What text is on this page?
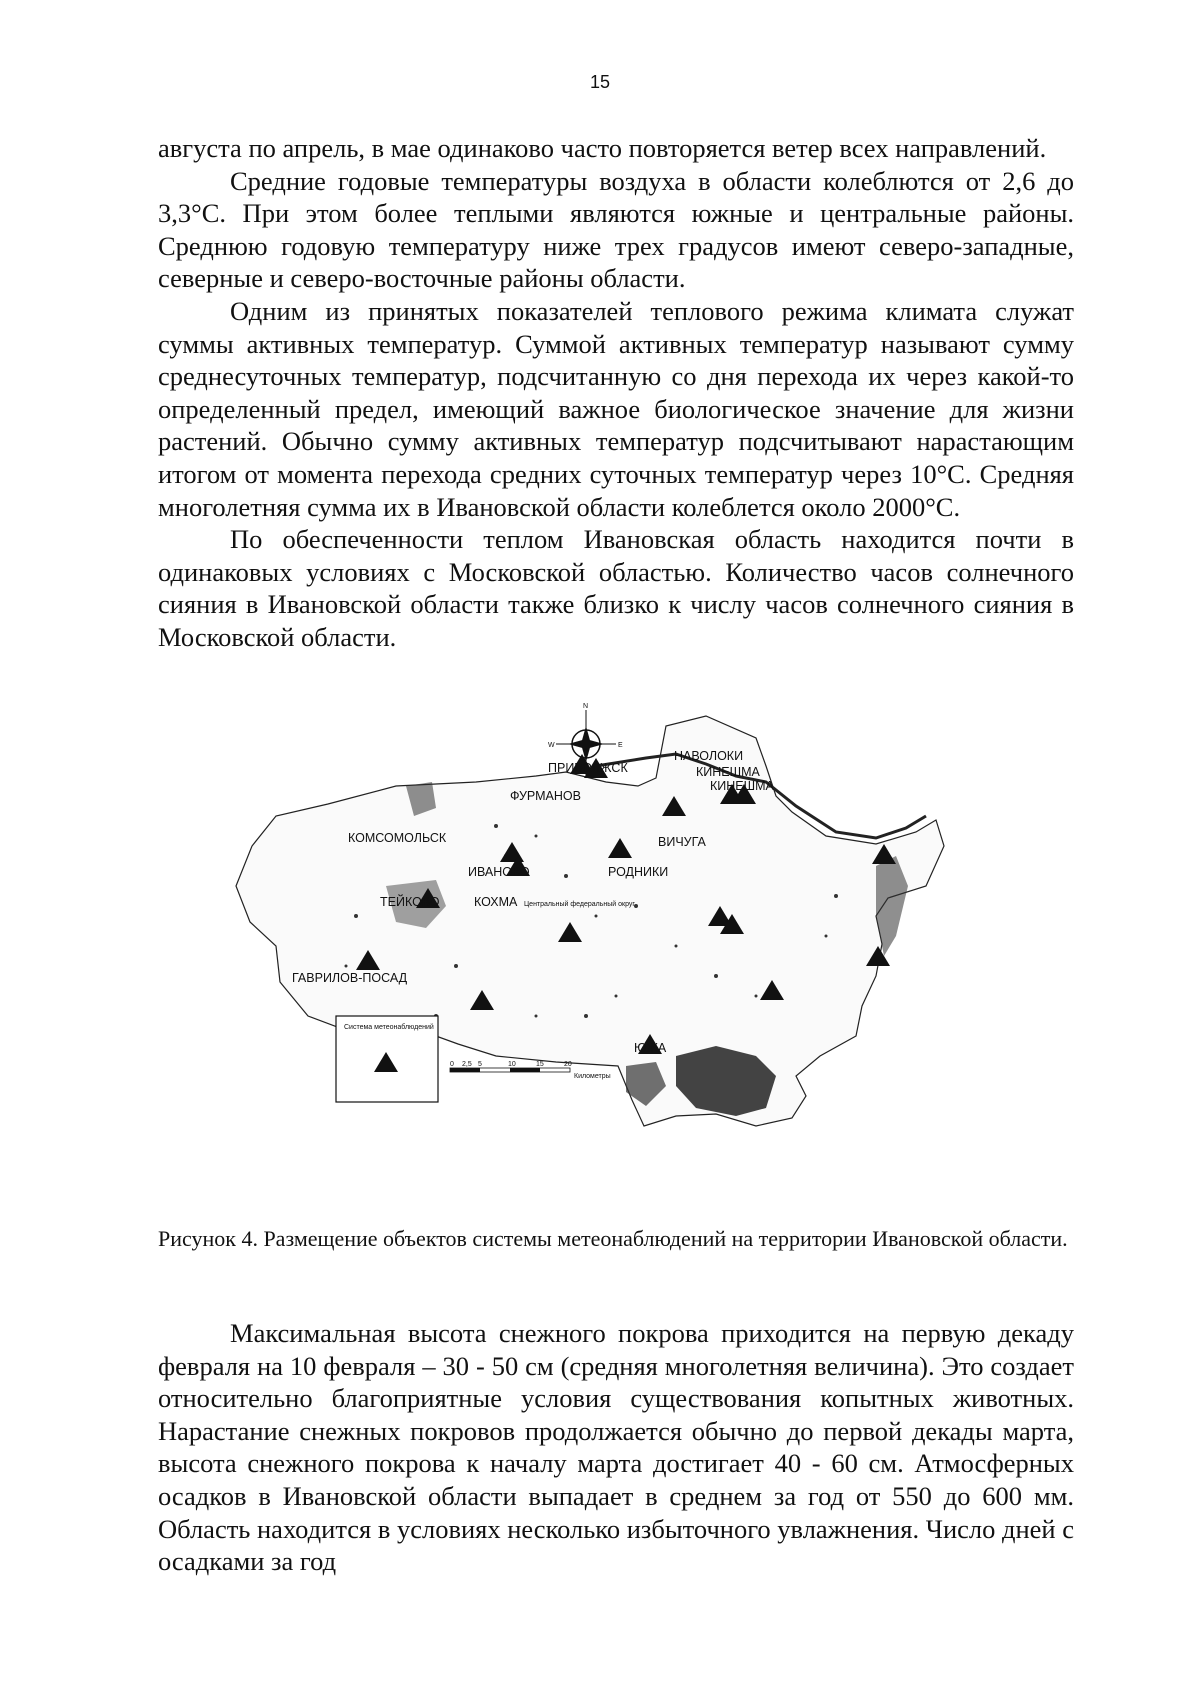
15

августа по апрель, в мае одинаково часто повторяется ветер всех направлений.

Средние годовые температуры воздуха в области колеблются от 2,6 до 3,3°С. При этом более теплыми являются южные и центральные районы. Среднюю годовую температуру ниже трех градусов имеют северо-западные, северные и северо-восточные районы области.

Одним из принятых показателей теплового режима климата служат суммы активных температур. Суммой активных температур называют сумму среднесуточных температур, подсчитанную со дня перехода их через какой-то определенный предел, имеющий важное биологическое значение для жизни растений. Обычно сумму активных температур подсчитывают нарастающим итогом от момента перехода средних суточных температур через 10°С. Средняя многолетняя сумма их в Ивановской области колеблется около 2000°С.

По обеспеченности теплом Ивановская область находится почти в одинаковых условиях с Московской областью. Количество часов солнечного сияния в Ивановской области также близко к числу часов солнечного сияния в Московской области.

N
W	E
НАВОЛОКИ
ПРИВОЛЖСК	КИНЕШМА
КИНЕШМА
ФУРМАНОВ
КОМСОМОЛЬСК	ВИЧУГА
ИВАНОВО	РОДНИКИ
ТЕЙКОВО	КОХМА
ГАВРИЛОВ-ПОСАД
ЮЖА
Центральный федеральный округ
0 2,5 5	10	15	20
Километры
Система метеонаблюдений
Рисунок 4. Размещение объектов системы метеонаблюдений на территории Ивановской области.

Максимальная высота снежного покрова приходится на первую декаду февраля на 10 февраля – 30 - 50 см (средняя многолетняя величина). Это создает относительно благоприятные условия существования копытных животных. Нарастание снежных покровов продолжается обычно до первой декады марта, высота снежного покрова к началу марта достигает 40 - 60 см. Атмосферных осадков в Ивановской области выпадает в среднем за год от 550 до 600 мм. Область находится в условиях несколько избыточного увлажнения. Число дней с осадками за год
